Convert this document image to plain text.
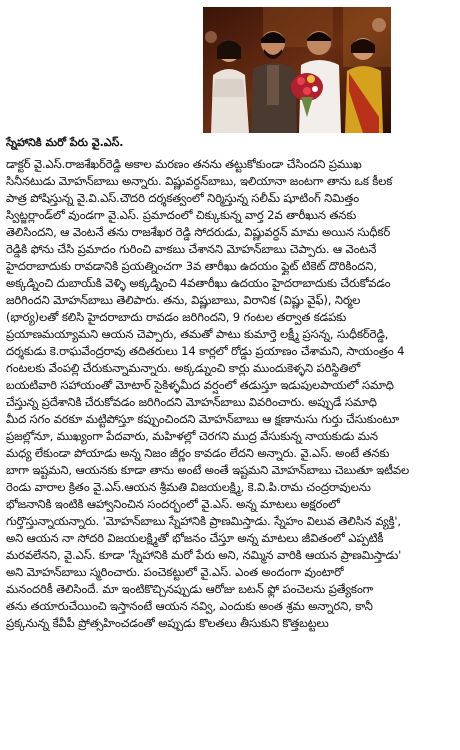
స్నేహానికి మరో పేరు వై.ఎస్.

డాక్టర్ వై.ఎస్.రాజశేఖర్‌రెడ్డి అకాల మరణం తనను తట్టుకోకుండా చేసిందని ప్రముఖ

సినీనటుడు మోహన్‌బాబు అన్నారు. విష్ణువర్ధన్‌బాబు, ఇలియానా జంటగా తాను ఒక కీలక

పాత్ర పోషిస్తున్న వై.వి.ఎస్.చౌదరి దర్శకత్వంలో నిర్మిస్తున్న సలీమ్ షూటింగ్ నిమిత్తం

స్విట్జర్లాండ్‌లో వుండగా వై.ఎస్. ప్రమాదంలో చిక్కుకున్న వార్త 2వ తారీఖున తనకు

తెలిసిందని, ఆ వెంటనే తను రాజశేఖర రెడ్డి సోదరుడు, విష్ణువర్ధన్ మామ అయిన సుధీకర్

రెడ్డికి ఫోను చేసి ప్రమాదం గురించి వాకబు చేశానని మోహన్‌బాబు చెప్పారు. ఆ వెంటనే

హైదరాబాదుకు రావడానికి ప్రయత్నించగా 3వ తారీఖు ఉదయం ఫ్లైట్ టికెట్ దొరికిందని,

అక్కడ్నించి దుబాయ్‌కి వెళ్ళి అక్కడ్నించి 4వతారీఖు ఉదయం హైదరాబాదుకు చేరుకోవడం

జరిగిందని మోహన్‌బాబు తెలిపారు. తను, విష్ణుబాబు, విరానిక (విష్ణు వైఫ్), నిర్మల

(భార్య)లతో కలిసి హైదరాబాదు రావడం జరిగిందని, 9 గంటల తర్వాత కడపకు

ప్రయాణమయ్యామని ఆయన చెప్పారు, తమతో పాటు కుమార్తె లక్ష్మీ ప్రసన్న, సుధీకర్‌రెడ్డి,

దర్శకుడు కె.రాఘవేంద్రరావు తదితరులు 14 కార్లలో రోడ్డు ప్రయాణం చేశామని, సాయంత్రం 4

గంటలకు వేంపల్లి చేరుకున్నామన్నారు. అక్కడ్నుంచి కార్లు ముందుకెళ్ళని పరిస్థితిలో

బయటివారి సహాయంతో మోటార్ సైకిళ్ళమీద వర్షంలో తడుస్తూ ఇడుపులపాయలో సమాధి

చేస్తున్న ప్రదేశానికి చేరుకోవడం జరిగిందని మోహన్‌బాబు వివరించారు. అప్పుడే సమాధి

మీద సగం వరకూ మట్టిపోస్తూ కప్పుంచిందని మోహన్‌బాబు ఆ క్షణానుసు గుర్తు చేసుకుంటూ

ప్రజల్లోనూ, ముఖ్యంగా పేదవారు, మహిళల్లో చెరగని ముద్ర వేసుకున్న నాయకుడు మన

మధ్య లేకుండా పోయాడు అన్న నిజం జీర్ణం కావడం లేదని అన్నారు. వై.ఎస్. అంటే తనకు

బాగా ఇష్టమని, ఆయనకు కూడా తాను అంటే అంతే ఇష్టమని మోహన్‌బాబు చెబుతూ ఇటీవల

రెండు వారాల క్రితం వై.ఎస్.ఆయన శ్రీమతి విజయలక్ష్మి, కె.వి.పి.రామ చంద్రరావులను

భోజనానికి ఇంటికి ఆహ్వానించిన సందర్భంలో వై.ఎస్. అన్న మాటలు అక్షరంలో

గుర్తొస్తున్నాయన్నారు. 'మోహన్‌బాబు స్నేహానికి ప్రాణమిస్తాడు. స్నేహం విలువ తెలిసిన వ్యక్తి',

అని ఆయన నా సోదరి విజయలక్ష్మితో భోజనం చేస్తూ అన్న మాటలు జీవితంలో ఎప్పటికీ

మరవలేనని, వై.ఎస్. కూడా 'స్నేహానికి మరో పేరు అని, నమ్మిన వారికి ఆయన ప్రాణమిస్తాడు'

అని మోహన్‌బాబు స్మరించారు. పంచెకట్టులో వై.ఎస్. ఎంత అందంగా వుంటారో

మనందరికీ తెలిసిందే. మా ఇంటికొచ్చినప్పుడు ఆరోజు బటన్ ఫ్లో పంచెలను ప్రత్యేకంగా

తను తయారుచేయించి ఇస్తానంటే ఆయన నవ్వి, ఎందుకు అంత శ్రమ అన్నారని, కానీ

ప్రక్కనున్న కేవీపీ ప్రోత్సహించడంతో అప్పుడు కొలతలు తీసుకుని కొత్తబట్టలు
